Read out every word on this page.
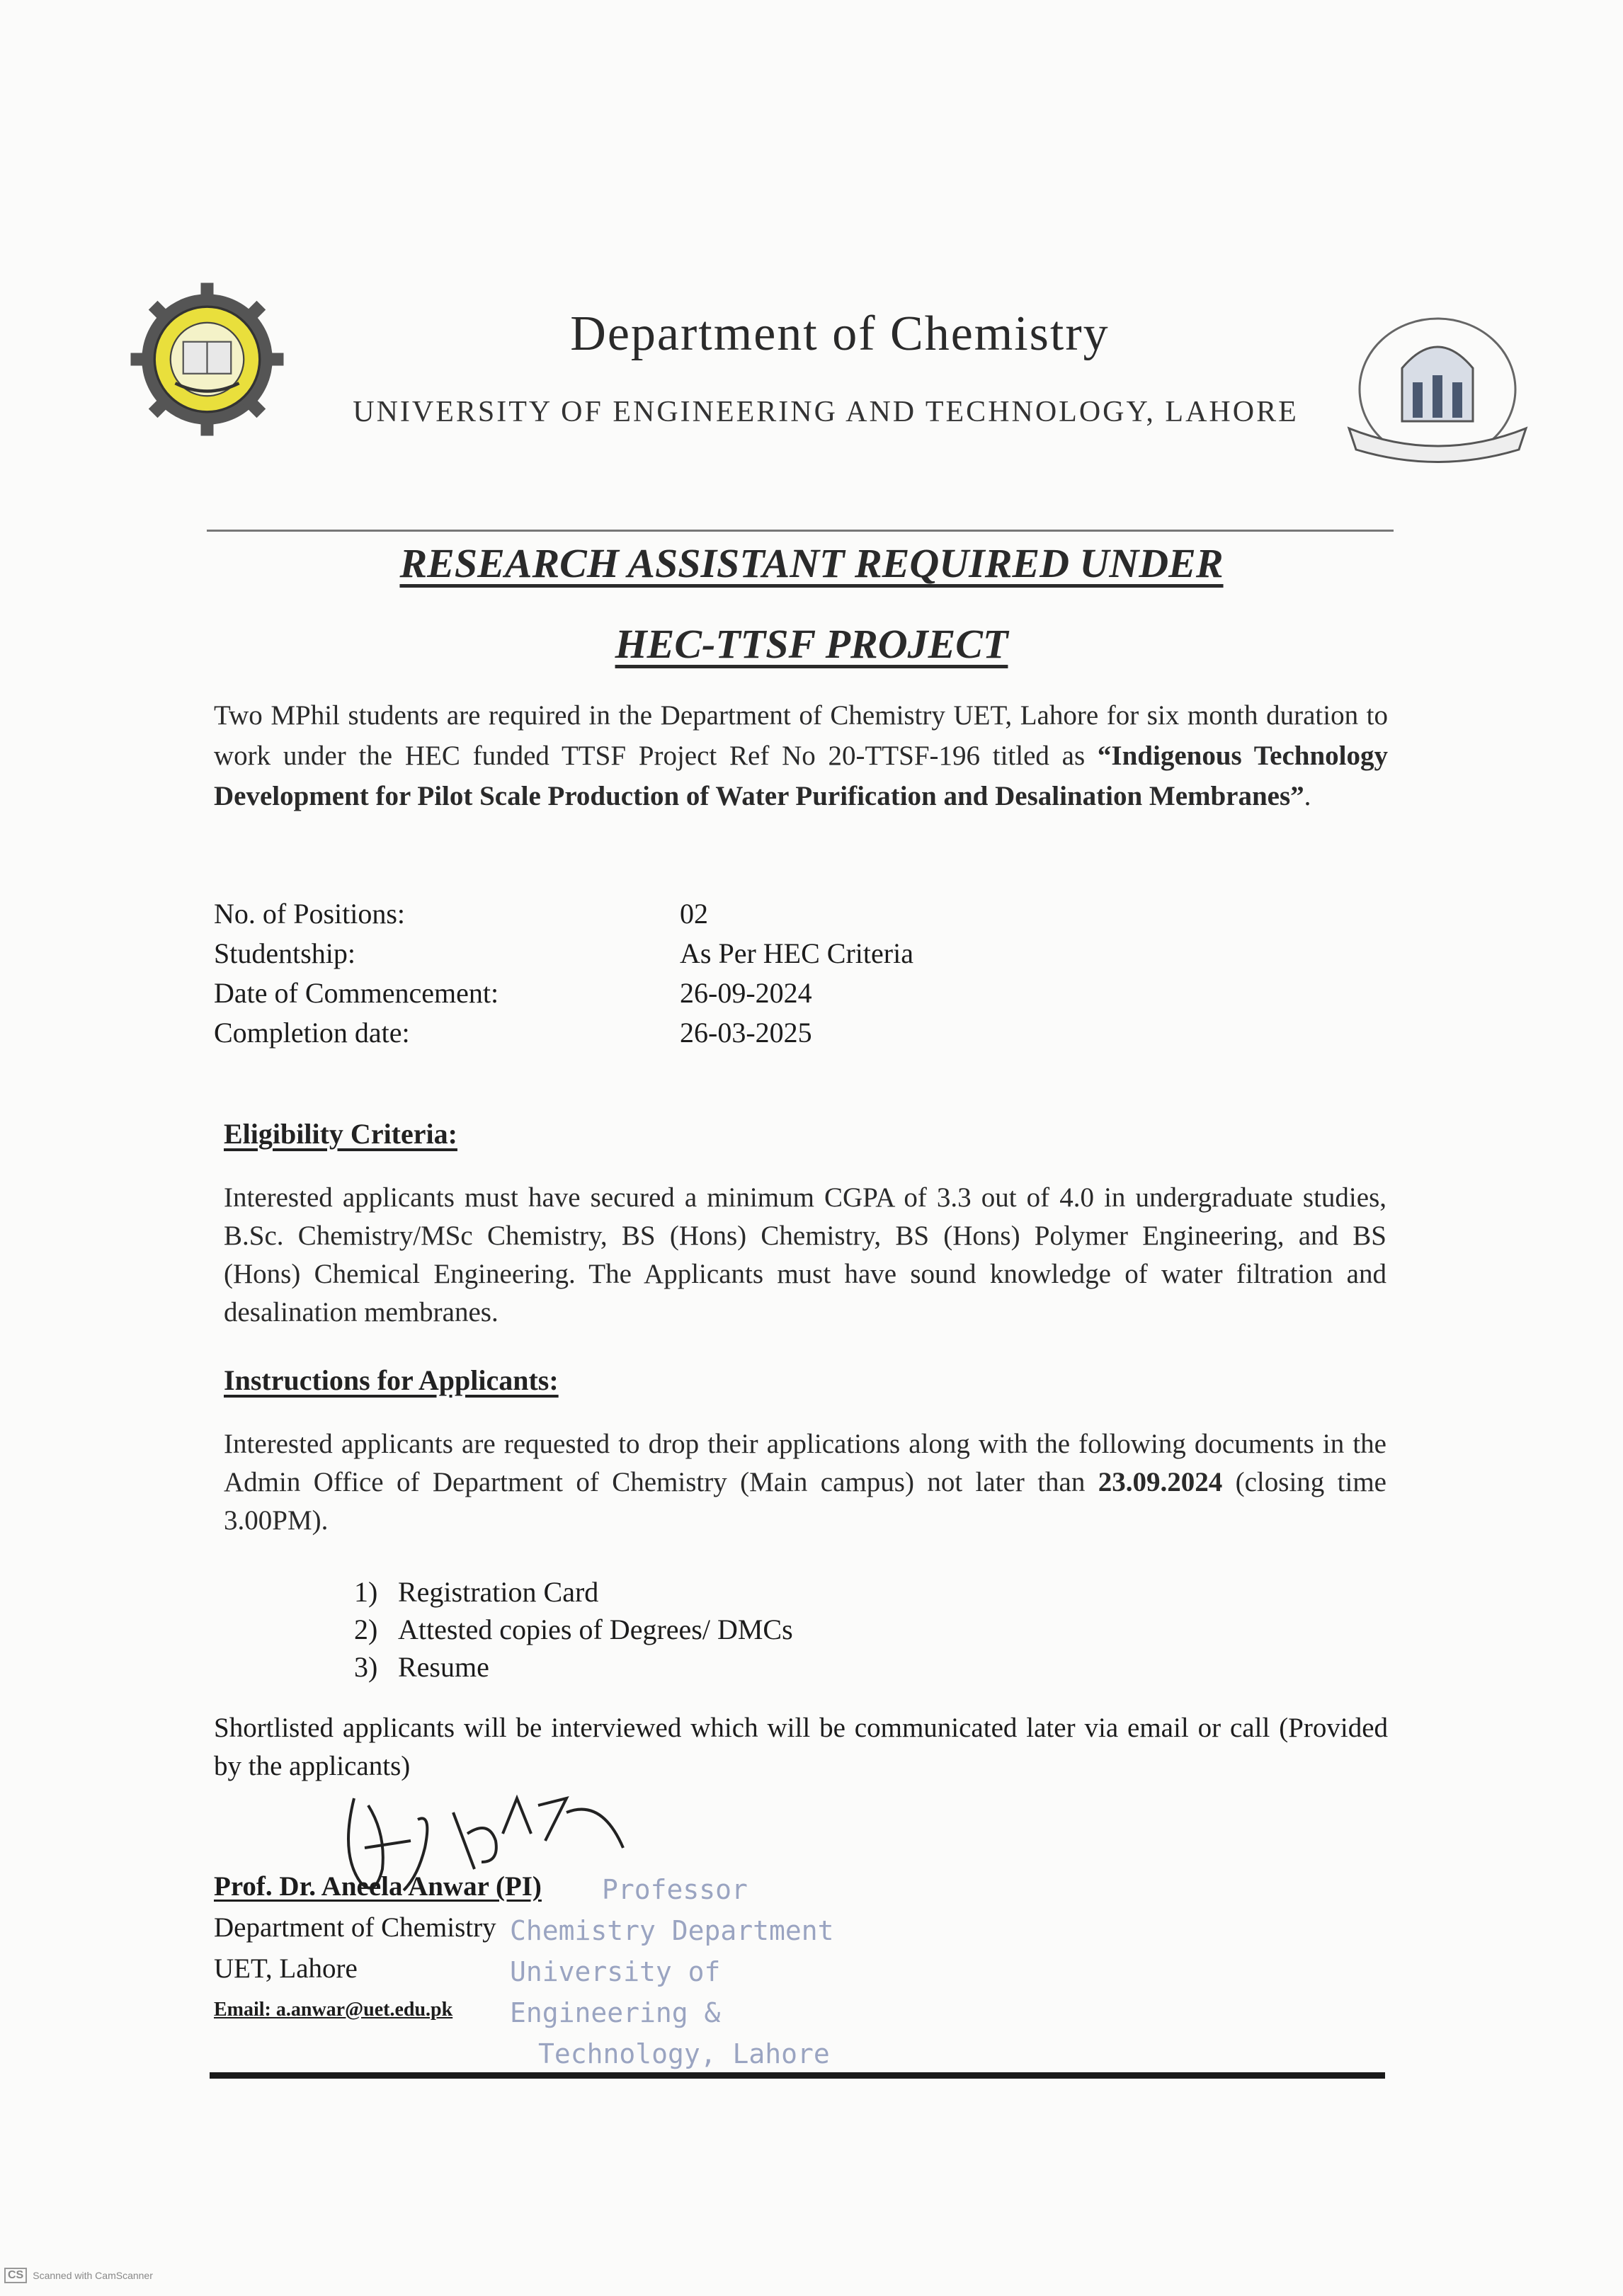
Department of Chemistry
UNIVERSITY OF ENGINEERING AND TECHNOLOGY, LAHORE
RESEARCH ASSISTANT REQUIRED UNDER
HEC-TTSF PROJECT
Two MPhil students are required in the Department of Chemistry UET, Lahore for six month duration to work under the HEC funded TTSF Project Ref No 20-TTSF-196 titled as “Indigenous Technology Development for Pilot Scale Production of Water Purification and Desalination Membranes”.
No. of Positions:	02
Studentship:	As Per HEC Criteria
Date of Commencement:	26-09-2024
Completion date:	26-03-2025
Eligibility Criteria:
Interested applicants must have secured a minimum CGPA of 3.3 out of 4.0 in undergraduate studies, B.Sc. Chemistry/MSc Chemistry, BS (Hons) Chemistry, BS (Hons) Polymer Engineering, and BS (Hons) Chemical Engineering. The Applicants must have sound knowledge of water filtration and desalination membranes.
Instructions for Applicants:
Interested applicants are requested to drop their applications along with the following documents in the Admin Office of Department of Chemistry (Main campus) not later than 23.09.2024 (closing time 3.00PM).
1) Registration Card
2) Attested copies of Degrees/ DMCs
3) Resume
Shortlisted applicants will be interviewed which will be communicated later via email or call (Provided by the applicants)
Prof. Dr. Aneela Anwar (PI)
Department of Chemistry
UET, Lahore
Email: a.anwar@uet.edu.pk
Professor
Chemistry Department
University of Engineering &
Technology, Lahore
CS Scanned with CamScanner
